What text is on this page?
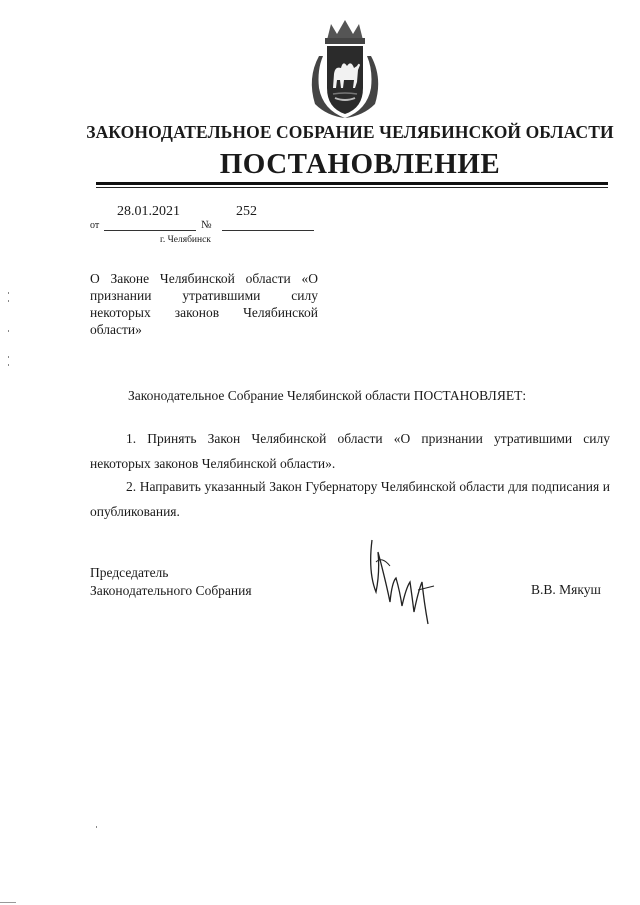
ЗАКОНОДАТЕЛЬНОЕ СОБРАНИЕ ЧЕЛЯБИНСКОЙ ОБЛАСТИ
ПОСТАНОВЛЕНИЕ
28.01.2021	252
от	№
г. Челябинск
О Законе Челябинской области «О признании утратившими силу некоторых законов Челябинской области»
Законодательное Собрание Челябинской области ПОСТАНОВЛЯЕТ:
1. Принять Закон Челябинской области «О признании утратившими силу некоторых законов Челябинской области».
2. Направить указанный Закон Губернатору Челябинской области для подписания и опубликования.
Председатель
Законодательного Собрания	В.В. Мякуш
